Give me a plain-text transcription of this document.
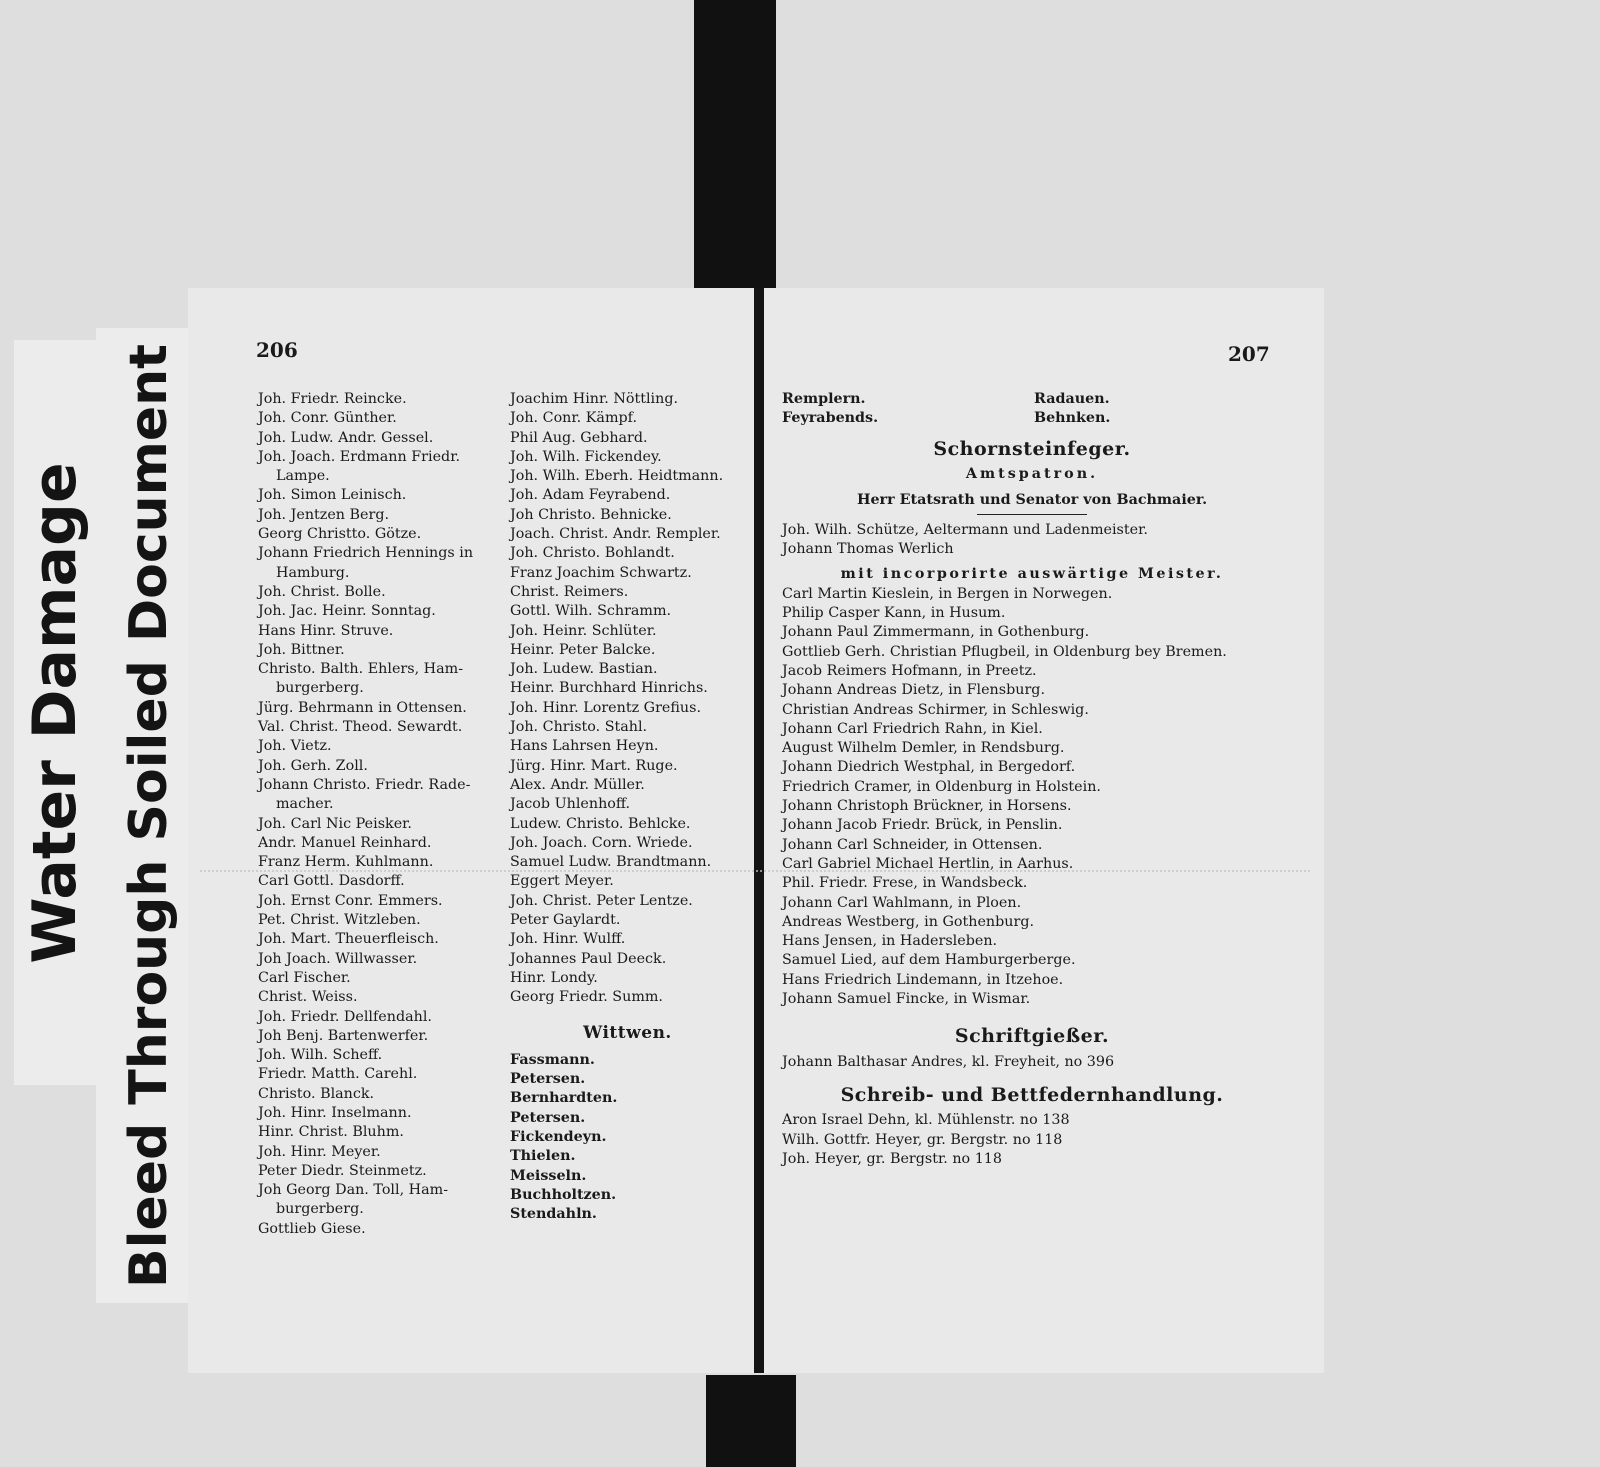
Water Damage Bleed Through Soiled Document	206	207
Joh. Friedr. Reincke.
Joh. Conr. Günther.
Joh. Ludw. Andr. Gessel.
Joh. Joach. Erdmann Friedr.
Lampe.
Joh. Simon Leinisch.
Joh. Jentzen Berg.
Georg Christto. Götze.
Johann Friedrich Hennings in
Hamburg.
Joh. Christ. Bolle.
Joh. Jac. Heinr. Sonntag.
Hans Hinr. Struve.
Joh. Bittner.
Christo. Balth. Ehlers, Ham-
burgerberg.
Jürg. Behrmann in Ottensen.
Val. Christ. Theod. Sewardt.
Joh. Vietz.
Joh. Gerh. Zoll.
Johann Christo. Friedr. Rade-
macher.
Joh. Carl Nic Peisker.
Andr. Manuel Reinhard.
Franz Herm. Kuhlmann.
Carl Gottl. Dasdorff.
Joh. Ernst Conr. Emmers.
Pet. Christ. Witzleben.
Joh. Mart. Theuerfleisch.
Joh Joach. Willwasser.
Carl Fischer.
Christ. Weiss.
Joh. Friedr. Dellfendahl.
Joh Benj. Bartenwerfer.
Joh. Wilh. Scheff.
Friedr. Matth. Carehl.
Christo. Blanck.
Joh. Hinr. Inselmann.
Hinr. Christ. Bluhm.
Joh. Hinr. Meyer.
Peter Diedr. Steinmetz.
Joh Georg Dan. Toll, Ham-
burgerberg.
Gottlieb Giese.
Joachim Hinr. Nöttling.
Joh. Conr. Kämpf.
Phil Aug. Gebhard.
Joh. Wilh. Fickendey.
Joh. Wilh. Eberh. Heidtmann.
Joh. Adam Feyrabend.
Joh Christo. Behnicke.
Joach. Christ. Andr. Rempler.
Joh. Christo. Bohlandt.
Franz Joachim Schwartz.
Christ. Reimers.
Gottl. Wilh. Schramm.
Joh. Heinr. Schlüter.
Heinr. Peter Balcke.
Joh. Ludew. Bastian.
Heinr. Burchhard Hinrichs.
Joh. Hinr. Lorentz Grefius.
Joh. Christo. Stahl.
Hans Lahrsen Heyn.
Jürg. Hinr. Mart. Ruge.
Alex. Andr. Müller.
Jacob Uhlenhoff.
Ludew. Christo. Behlcke.
Joh. Joach. Corn. Wriede.
Samuel Ludw. Brandtmann.
Eggert Meyer.
Joh. Christ. Peter Lentze.
Peter Gaylardt.
Joh. Hinr. Wulff.
Johannes Paul Deeck.
Hinr. Londy.
Georg Friedr. Summ.
Wittwen.
Fassmann.
Petersen.
Bernhardten.
Petersen.
Fickendeyn.
Thielen.
Meisseln.
Buchholtzen.
Stendahln.
Remplern.
Feyrabends.
Radauen.
Behnken.
Schornsteinfeger.
Amtspatron.
Herr Etatsrath und Senator von Bachmaier.
Joh. Wilh. Schütze, Aeltermann und Ladenmeister.
Johann Thomas Werlich
mit incorporirte auswärtige Meister.
Carl Martin Kieslein, in Bergen in Norwegen.
Philip Casper Kann, in Husum.
Johann Paul Zimmermann, in Gothenburg.
Gottlieb Gerh. Christian Pflugbeil, in Oldenburg bey Bremen.
Jacob Reimers Hofmann, in Preetz.
Johann Andreas Dietz, in Flensburg.
Christian Andreas Schirmer, in Schleswig.
Johann Carl Friedrich Rahn, in Kiel.
August Wilhelm Demler, in Rendsburg.
Johann Diedrich Westphal, in Bergedorf.
Friedrich Cramer, in Oldenburg in Holstein.
Johann Christoph Brückner, in Horsens.
Johann Jacob Friedr. Brück, in Penslin.
Johann Carl Schneider, in Ottensen.
Carl Gabriel Michael Hertlin, in Aarhus.
Phil. Friedr. Frese, in Wandsbeck.
Johann Carl Wahlmann, in Ploen.
Andreas Westberg, in Gothenburg.
Hans Jensen, in Hadersleben.
Samuel Lied, auf dem Hamburgerberge.
Hans Friedrich Lindemann, in Itzehoe.
Johann Samuel Fincke, in Wismar.
Schriftgießer.
Johann Balthasar Andres, kl. Freyheit, no 396
Schreib- und Bettfedernhandlung.
Aron Israel Dehn, kl. Mühlenstr. no 138
Wilh. Gottfr. Heyer, gr. Bergstr. no 118
Joh. Heyer, gr. Bergstr. no 118
